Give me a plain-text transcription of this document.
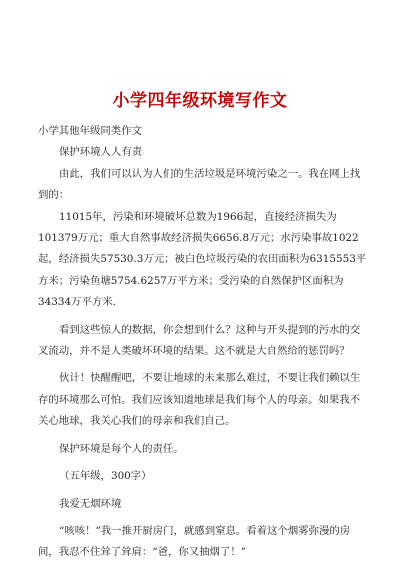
小学四年级环境写作文

小学其他年级同类作文

保护环境人人有责

由此，我们可以认为人们的生活垃圾是环境污染之一。我在网上找到的：

11015年，污染和环境破坏总数为1966起，直接经济损失为101379万元；重大自然事故经济损失6656.8万元；水污染事故1022起，经济损失57530.3万元；被白色垃圾污染的农田面积为6315553平方米；污染鱼塘5754.6257万平方米；受污染的自然保护区面积为34334万平方米.

看到这些惊人的数据，你会想到什么？这种与开头提到的污水的交叉流动，并不是人类破坏环境的结果。这不就是大自然给的惩罚吗？

伙计！快醒醒吧，不要让地球的未来那么难过，不要让我们赖以生存的环境那么可怕。我们应该知道地球是我们每个人的母亲。如果我不关心地球，我关心我们的母亲和我们自己。

保护环境是每个人的责任。

（五年级，300字）

我爱无烟环境

“咳咳！”我一推开厨房门，就感到窒息。看着这个烟雾弥漫的房间，我忍不住耸了耸肩：“爸，你又抽烟了！”
